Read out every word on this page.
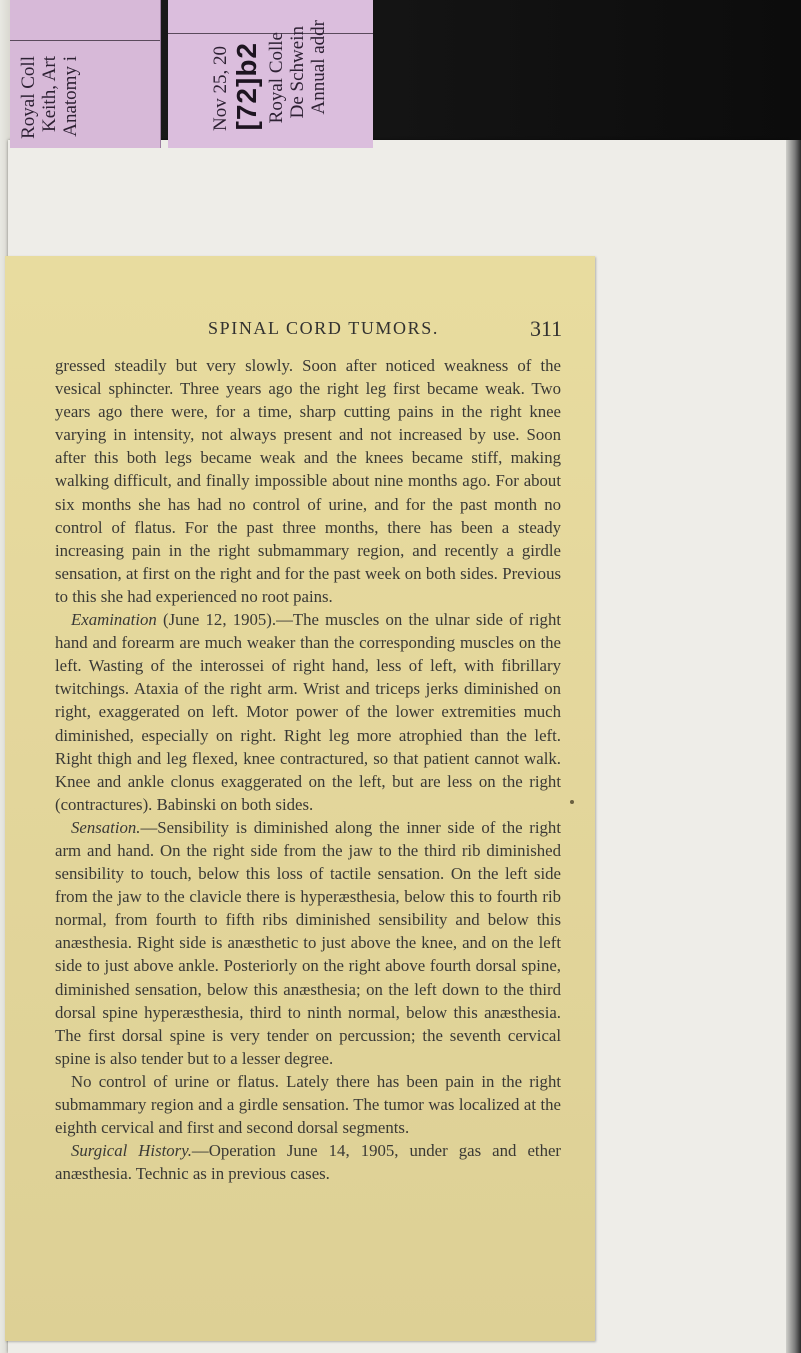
Anatomy i
Keith, Art
Royal Coll	Annual addr
De Schwein
Royal Colle
[72]b2
Nov 25, 20
SPINAL CORD TUMORS.	311

gressed steadily but very slowly. Soon after noticed weakness of the vesical sphincter. Three years ago the right leg first became weak. Two years ago there were, for a time, sharp cutting pains in the right knee varying in intensity, not always present and not increased by use. Soon after this both legs became weak and the knees became stiff, making walking difficult, and finally impossible about nine months ago. For about six months she has had no control of urine, and for the past month no control of flatus. For the past three months, there has been a steady increasing pain in the right submammary region, and recently a girdle sensation, at first on the right and for the past week on both sides. Previous to this she had experienced no root pains.

Examination (June 12, 1905).—The muscles on the ulnar side of right hand and forearm are much weaker than the corresponding muscles on the left. Wasting of the interossei of right hand, less of left, with fibrillary twitchings. Ataxia of the right arm. Wrist and triceps jerks diminished on right, exaggerated on left. Motor power of the lower extremities much diminished, especially on right. Right leg more atrophied than the left. Right thigh and leg flexed, knee contractured, so that patient cannot walk. Knee and ankle clonus exaggerated on the left, but are less on the right (contractures). Babinski on both sides.

Sensation.—Sensibility is diminished along the inner side of the right arm and hand. On the right side from the jaw to the third rib diminished sensibility to touch, below this loss of tactile sensation. On the left side from the jaw to the clavicle there is hyperæsthesia, below this to fourth rib normal, from fourth to fifth ribs diminished sensibility and below this anæsthesia. Right side is anæsthetic to just above the knee, and on the left side to just above ankle. Posteriorly on the right above fourth dorsal spine, diminished sensation, below this anæsthesia; on the left down to the third dorsal spine hyperæsthesia, third to ninth normal, below this anæsthesia. The first dorsal spine is very tender on percussion; the seventh cervical spine is also tender but to a lesser degree.

No control of urine or flatus. Lately there has been pain in the right submammary region and a girdle sensation. The tumor was localized at the eighth cervical and first and second dorsal segments.

Surgical History.—Operation June 14, 1905, under gas and ether anæsthesia. Technic as in previous cases.
